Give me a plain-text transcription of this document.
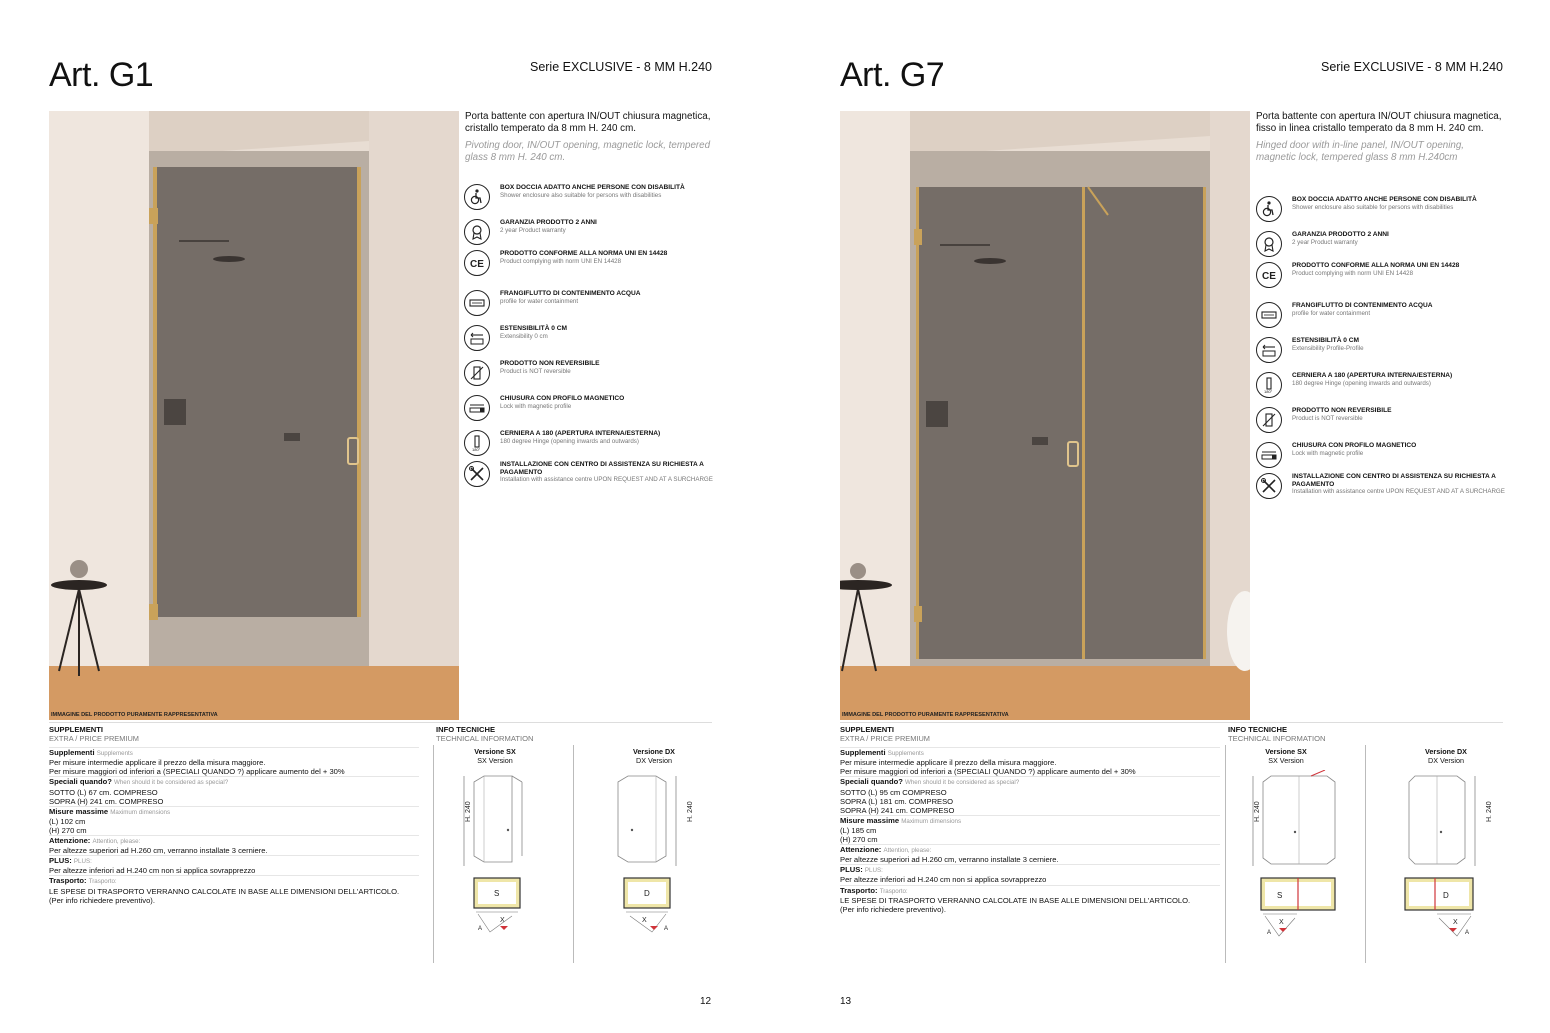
Art. G1	Serie EXCLUSIVE - 8 MM H.240
IMMAGINE DEL PRODOTTO PURAMENTE RAPPRESENTATIVA
Porta battente con apertura IN/OUT chiusura magnetica, cristallo temperato da 8 mm H. 240 cm.
Pivoting door, IN/OUT opening, magnetic lock, tempered glass 8 mm H. 240 cm.
BOX DOCCIA ADATTO ANCHE PERSONE CON DISABILITÀ
Shower enclosure also suitable for persons with disabilities
GARANZIA PRODOTTO 2 ANNI
2 year Product warranty
CE
PRODOTTO CONFORME ALLA NORMA UNI EN 14428
Product complying with norm UNI EN 14428
FRANGIFLUTTO DI CONTENIMENTO ACQUA
profile for water containment
ESTENSIBILITÀ 0 CM
Extensibility 0 cm
PRODOTTO NON REVERSIBILE
Product is NOT reversible
CHIUSURA CON PROFILO MAGNETICO
Lock with magnetic profile
180°
CERNIERA A 180 (APERTURA INTERNA/ESTERNA)
180 degree Hinge (opening inwards and outwards)
INSTALLAZIONE CON CENTRO DI ASSISTENZA SU RICHIESTA A PAGAMENTO
Installation with assistance centre UPON REQUEST AND AT A SURCHARGE
SUPPLEMENTI
EXTRA / PRICE PREMIUM
Supplementi Supplements
Per misure intermedie applicare il prezzo della misura maggiore.
Per misure maggiori od inferiori a (SPECIALI QUANDO ?) applicare aumento del + 30%
Speciali quando? When should it be considered as special?
SOTTO (L) 67 cm. COMPRESO
SOPRA (H) 241 cm. COMPRESO
Misure massime Maximum dimensions
(L) 102 cm
(H) 270 cm
Attenzione: Attention, please:
Per altezze superiori ad H.260 cm, verranno installate 3 cerniere.
PLUS: PLUS:
Per altezze inferiori ad H.240 cm non si applica sovrapprezzo
Trasporto: Trasporto:
LE SPESE DI TRASPORTO VERRANNO CALCOLATE IN BASE ALLE DIMENSIONI DELL'ARTICOLO.
(Per info richiedere preventivo).
INFO TECNICHE
TECHNICAL INFORMATION
Versione SX
SX Version
Versione DX
DX Version
H. 240
S
X
A
H. 240
D
X
A
12
Art. G7	Serie EXCLUSIVE - 8 MM H.240
IMMAGINE DEL PRODOTTO PURAMENTE RAPPRESENTATIVA
Porta battente con apertura IN/OUT chiusura magnetica, fisso in linea cristallo temperato da 8 mm H. 240 cm.
Hinged door with in-line panel, IN/OUT opening, magnetic lock, tempered glass 8 mm H.240cm
BOX DOCCIA ADATTO ANCHE PERSONE CON DISABILITÀ
Shower enclosure also suitable for persons with disabilities
GARANZIA PRODOTTO 2 ANNI
2 year Product warranty
CE
PRODOTTO CONFORME ALLA NORMA UNI EN 14428
Product complying with norm UNI EN 14428
FRANGIFLUTTO DI CONTENIMENTO ACQUA
profile for water containment
ESTENSIBILITÀ 0 CM
Extensibility Profile-Profile
180°
CERNIERA A 180 (APERTURA INTERNA/ESTERNA)
180 degree Hinge (opening inwards and outwards)
PRODOTTO NON REVERSIBILE
Product is NOT reversible
CHIUSURA CON PROFILO MAGNETICO
Lock with magnetic profile
INSTALLAZIONE CON CENTRO DI ASSISTENZA SU RICHIESTA A PAGAMENTO
Installation with assistance centre UPON REQUEST AND AT A SURCHARGE
SUPPLEMENTI
EXTRA / PRICE PREMIUM
Supplementi Supplements
Per misure intermedie applicare il prezzo della misura maggiore.
Per misure maggiori od inferiori a (SPECIALI QUANDO ?) applicare aumento del + 30%
Speciali quando? When should it be considered as special?
SOTTO (L) 95 cm COMPRESO
SOPRA (L) 181 cm. COMPRESO
SOPRA (H) 241 cm. COMPRESO
Misure massime Maximum dimensions
(L) 185 cm
(H) 270 cm
Attenzione: Attention, please:
Per altezze superiori ad H.260 cm, verranno installate 3 cerniere.
PLUS: PLUS:
Per altezze inferiori ad H.240 cm non si applica sovrapprezzo
Trasporto: Trasporto:
LE SPESE DI TRASPORTO VERRANNO CALCOLATE IN BASE ALLE DIMENSIONI DELL'ARTICOLO.
(Per info richiedere preventivo).
INFO TECNICHE
TECHNICAL INFORMATION
Versione SX
SX Version
Versione DX
DX Version
H. 240
S
X
A
H. 240
D
X
A
13
